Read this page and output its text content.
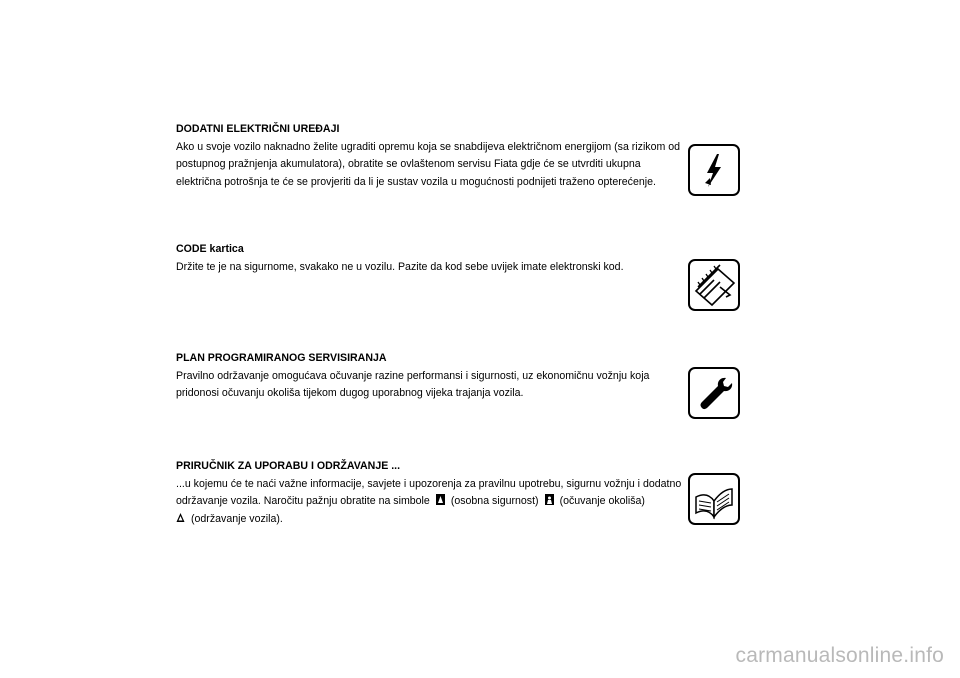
DODATNI ELEKTRIČNI UREĐAJI
Ako u svoje vozilo naknadno želite ugraditi opremu koja se snabdijeva električnom energijom (sa rizikom od postupnog pražnjenja akumulatora), obratite se ovlaštenom servisu Fiata gdje će se utvrditi ukupna električna potrošnja te će se provjeriti da li je sustav vozila u mogućnosti podnijeti traženo opterećenje.
CODE kartica
Držite te je na sigurnome, svakako ne u vozilu. Pazite da kod sebe uvijek imate elektronski kod.
PLAN PROGRAMIRANOG SERVISIRANJA
Pravilno održavanje omogućava očuvanje razine performansi i sigurnosti, uz ekonomičnu vožnju koja pridonosi očuvanju okoliša tijekom dugog uporabnog vijeka trajanja vozila.
PRIRUČNIK ZA UPORABU I ODRŽAVANJE ...
...u kojemu će te naći važne informacije, savjete i upozorenja za pravilnu upotrebu, sigurnu vožnju i dodatno održavanje vozila. Naročitu pažnju obratite na simbole (osobna sigurnost) (očuvanje okoliša)

(održavanje vozila).
carmanualsonline.info
